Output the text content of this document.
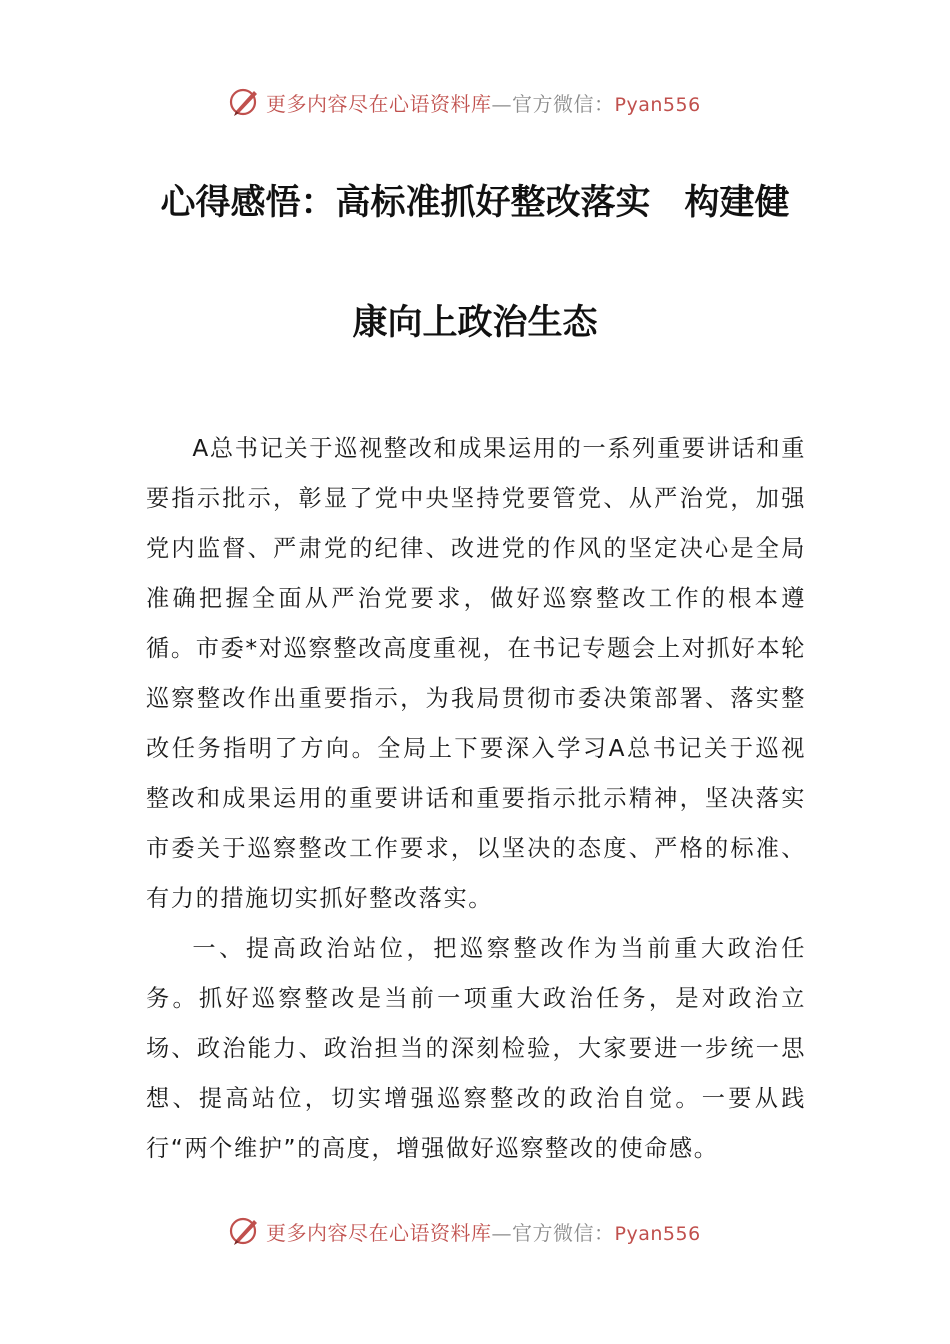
更多内容尽在心语资料库—官方微信：Pyan556
心得感悟：高标准抓好整改落实 构建健
康向上政治生态

A总书记关于巡视整改和成果运用的一系列重要讲话和重要指示批示，彰显了党中央坚持党要管党、从严治党，加强党内监督、严肃党的纪律、改进党的作风的坚定决心是全局准确把握全面从严治党要求，做好巡察整改工作的根本遵循。市委*对巡察整改高度重视，在书记专题会上对抓好本轮巡察整改作出重要指示，为我局贯彻市委决策部署、落实整改任务指明了方向。全局上下要深入学习A总书记关于巡视整改和成果运用的重要讲话和重要指示批示精神，坚决落实市委关于巡察整改工作要求，以坚决的态度、严格的标准、有力的措施切实抓好整改落实。

一、提高政治站位，把巡察整改作为当前重大政治任务。抓好巡察整改是当前一项重大政治任务，是对政治立场、政治能力、政治担当的深刻检验，大家要进一步统一思想、提高站位，切实增强巡察整改的政治自觉。一要从践行“两个维护”的高度，增强做好巡察整改的使命感。

更多内容尽在心语资料库—官方微信：Pyan556
